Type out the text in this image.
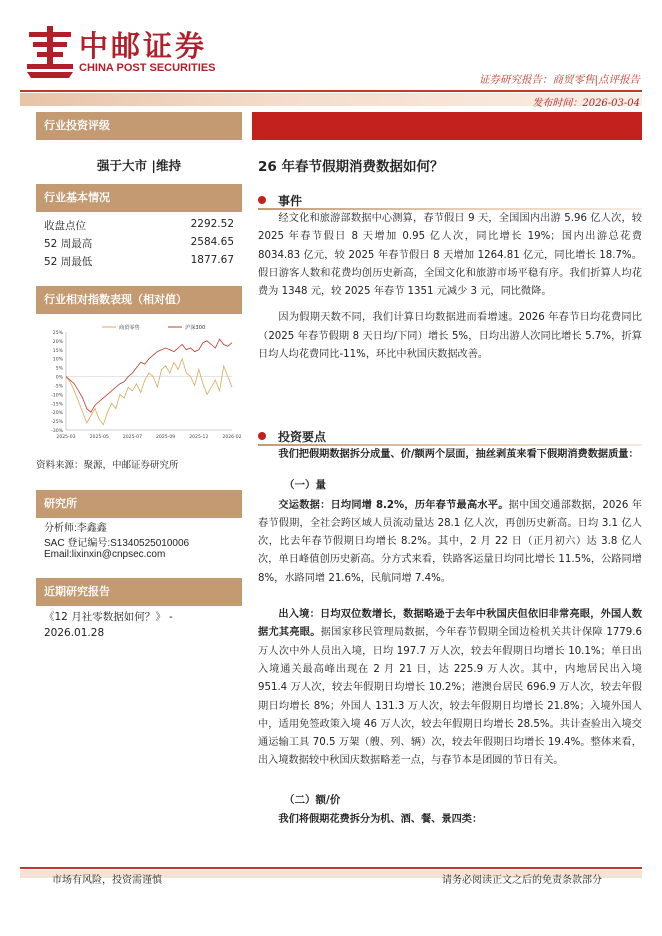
中邮证券
CHINA POST SECURITIES
证券研究报告：商贸零售|点评报告
发布时间：2026-03-04
行业投资评级
强于大市 |维持
行业基本情况
收盘点位	2292.52
52 周最高	2584.65
52 周最低	1877.67
行业相对指数表现（相对值）
25%
20%
15%
10%
5%
0%
-5%
-10%
-15%
-20%
-25%
-30%
2025-03	2025-05	2025-07	2025-09	2025-12	2026-02
商贸零售	沪深300
资料来源：聚源，中邮证券研究所
研究所
分析师:李鑫鑫
SAC 登记编号:S1340525010006
Email:lixinxin@cnpsec.com
近期研究报告
《12 月社零数据如何？》 -
2026.01.28
26 年春节假期消费数据如何？
事件

经文化和旅游部数据中心测算，春节假日 9 天，全国国内出游 5.96 亿人次，较 2025 年春节假日 8 天增加 0.95 亿人次，同比增长 19%；国内出游总花费 8034.83 亿元，较 2025 年春节假日 8 天增加 1264.81 亿元，同比增长 18.7%。假日游客人数和花费均创历史新高，全国文化和旅游市场平稳有序。我们折算人均花费为 1348 元，较 2025 年春节 1351 元减少 3 元，同比微降。

因为假期天数不同，我们计算日均数据进而看增速。2026 年春节日均花费同比（2025 年春节假期 8 天日均/下同）增长 5%，日均出游人次同比增长 5.7%，折算日均人均花费同比-11%，环比中秋国庆数据改善。

投资要点

我们把假期数据拆分成量、价/额两个层面，抽丝剥茧来看下假期消费数据质量：

（一）量

交运数据：日均同增 8.2%，历年春节最高水平。据中国交通部数据，2026 年春节假期，全社会跨区域人员流动量达 28.1 亿人次，再创历史新高。日均 3.1 亿人次，比去年春节假期日均增长 8.2%。其中，2 月 22 日（正月初六）达 3.8 亿人次，单日峰值创历史新高。分方式来看，铁路客运量日均同比增长 11.5%，公路同增 8%，水路同增 21.6%，民航同增 7.4%。

出入境：日均双位数增长，数据略逊于去年中秋国庆但依旧非常亮眼，外国人数据尤其亮眼。据国家移民管理局数据，今年春节假期全国边检机关共计保障 1779.6 万人次中外人员出入境，日均 197.7 万人次，较去年假期日均增长 10.1%；单日出入境通关最高峰出现在 2 月 21 日，达 225.9 万人次。其中，内地居民出入境 951.4 万人次，较去年假期日均增长 10.2%；港澳台居民 696.9 万人次，较去年假期日均增长 8%；外国人 131.3 万人次，较去年假期日均增长 21.8%；入境外国人中，适用免签政策入境 46 万人次，较去年假期日均增长 28.5%。共计查验出入境交通运输工具 70.5 万架（艘、列、辆）次，较去年假期日均增长 19.4%。整体来看，出入境数据较中秋国庆数据略差一点，与春节本是团圆的节日有关。

（二）额/价

我们将假期花费拆分为机、酒、餐、景四类：

市场有风险，投资需谨慎	请务必阅读正文之后的免责条款部分
